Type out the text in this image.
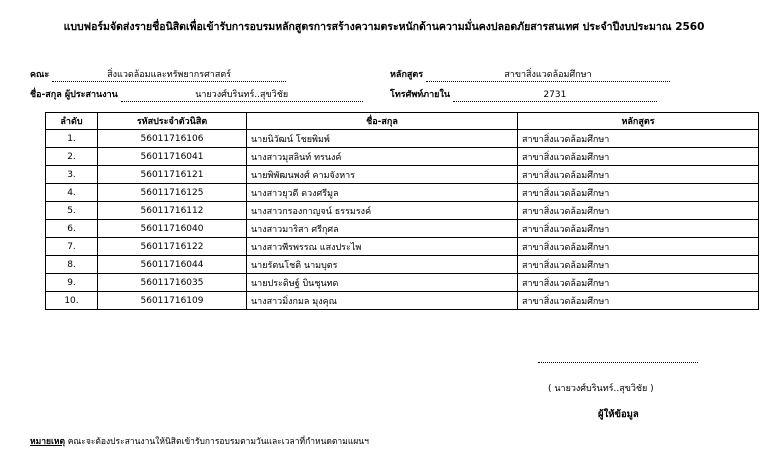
แบบฟอร์มจัดส่งรายชื่อนิสิตเพื่อเข้ารับการอบรมหลักสูตรการสร้างความตระหนักด้านความมั่นคงปลอดภัยสารสนเทศ ประจำปีงบประมาณ 2560
คณะ	สิ่งแวดล้อมและทรัพยากรศาสตร์	หลักสูตร	สาขาสิ่งแวดล้อมศึกษา
ชื่อ-สกุล ผู้ประสานงาน	นายวงศ์บรินทร์..สุขวิชัย	โทรศัพท์ภายใน	2731
ลำดับ	รหัสประจำตัวนิสิต	ชื่อ-สกุล	หลักสูตร
1.	56011716106	นายนิวัฒน์ โชยพิมพ์	สาขาสิ่งแวดล้อมศึกษา
2.	56011716041	นางสาวมุสลินท์ ทรนงค์	สาขาสิ่งแวดล้อมศึกษา
3.	56011716121	นายพิพัฒนพงศ์ คามจังหาร	สาขาสิ่งแวดล้อมศึกษา
4.	56011716125	นางสาวยุวดี ดวงศรีมูล	สาขาสิ่งแวดล้อมศึกษา
5.	56011716112	นางสาวกรองกาญจน์ ธรรมรงค์	สาขาสิ่งแวดล้อมศึกษา
6.	56011716040	นางสาวมาริสา ศรีกุศล	สาขาสิ่งแวดล้อมศึกษา
7.	56011716122	นางสาวพีรพรรณ แสงประไพ	สาขาสิ่งแวดล้อมศึกษา
8.	56011716044	นายรัตนโชติ นามบุตร	สาขาสิ่งแวดล้อมศึกษา
9.	56011716035	นายประดิษฐ์ บินชุนทด	สาขาสิ่งแวดล้อมศึกษา
10.	56011716109	นางสาวมิ่งกมล มุงคุณ	สาขาสิ่งแวดล้อมศึกษา
( นายวงศ์บรินทร์..สุขวิชัย )
ผู้ให้ข้อมูล
หมายเหตุ คณะจะต้องประสานงานให้นิสิตเข้ารับการอบรมตามวันและเวลาที่กำหนดตามแผนฯ
